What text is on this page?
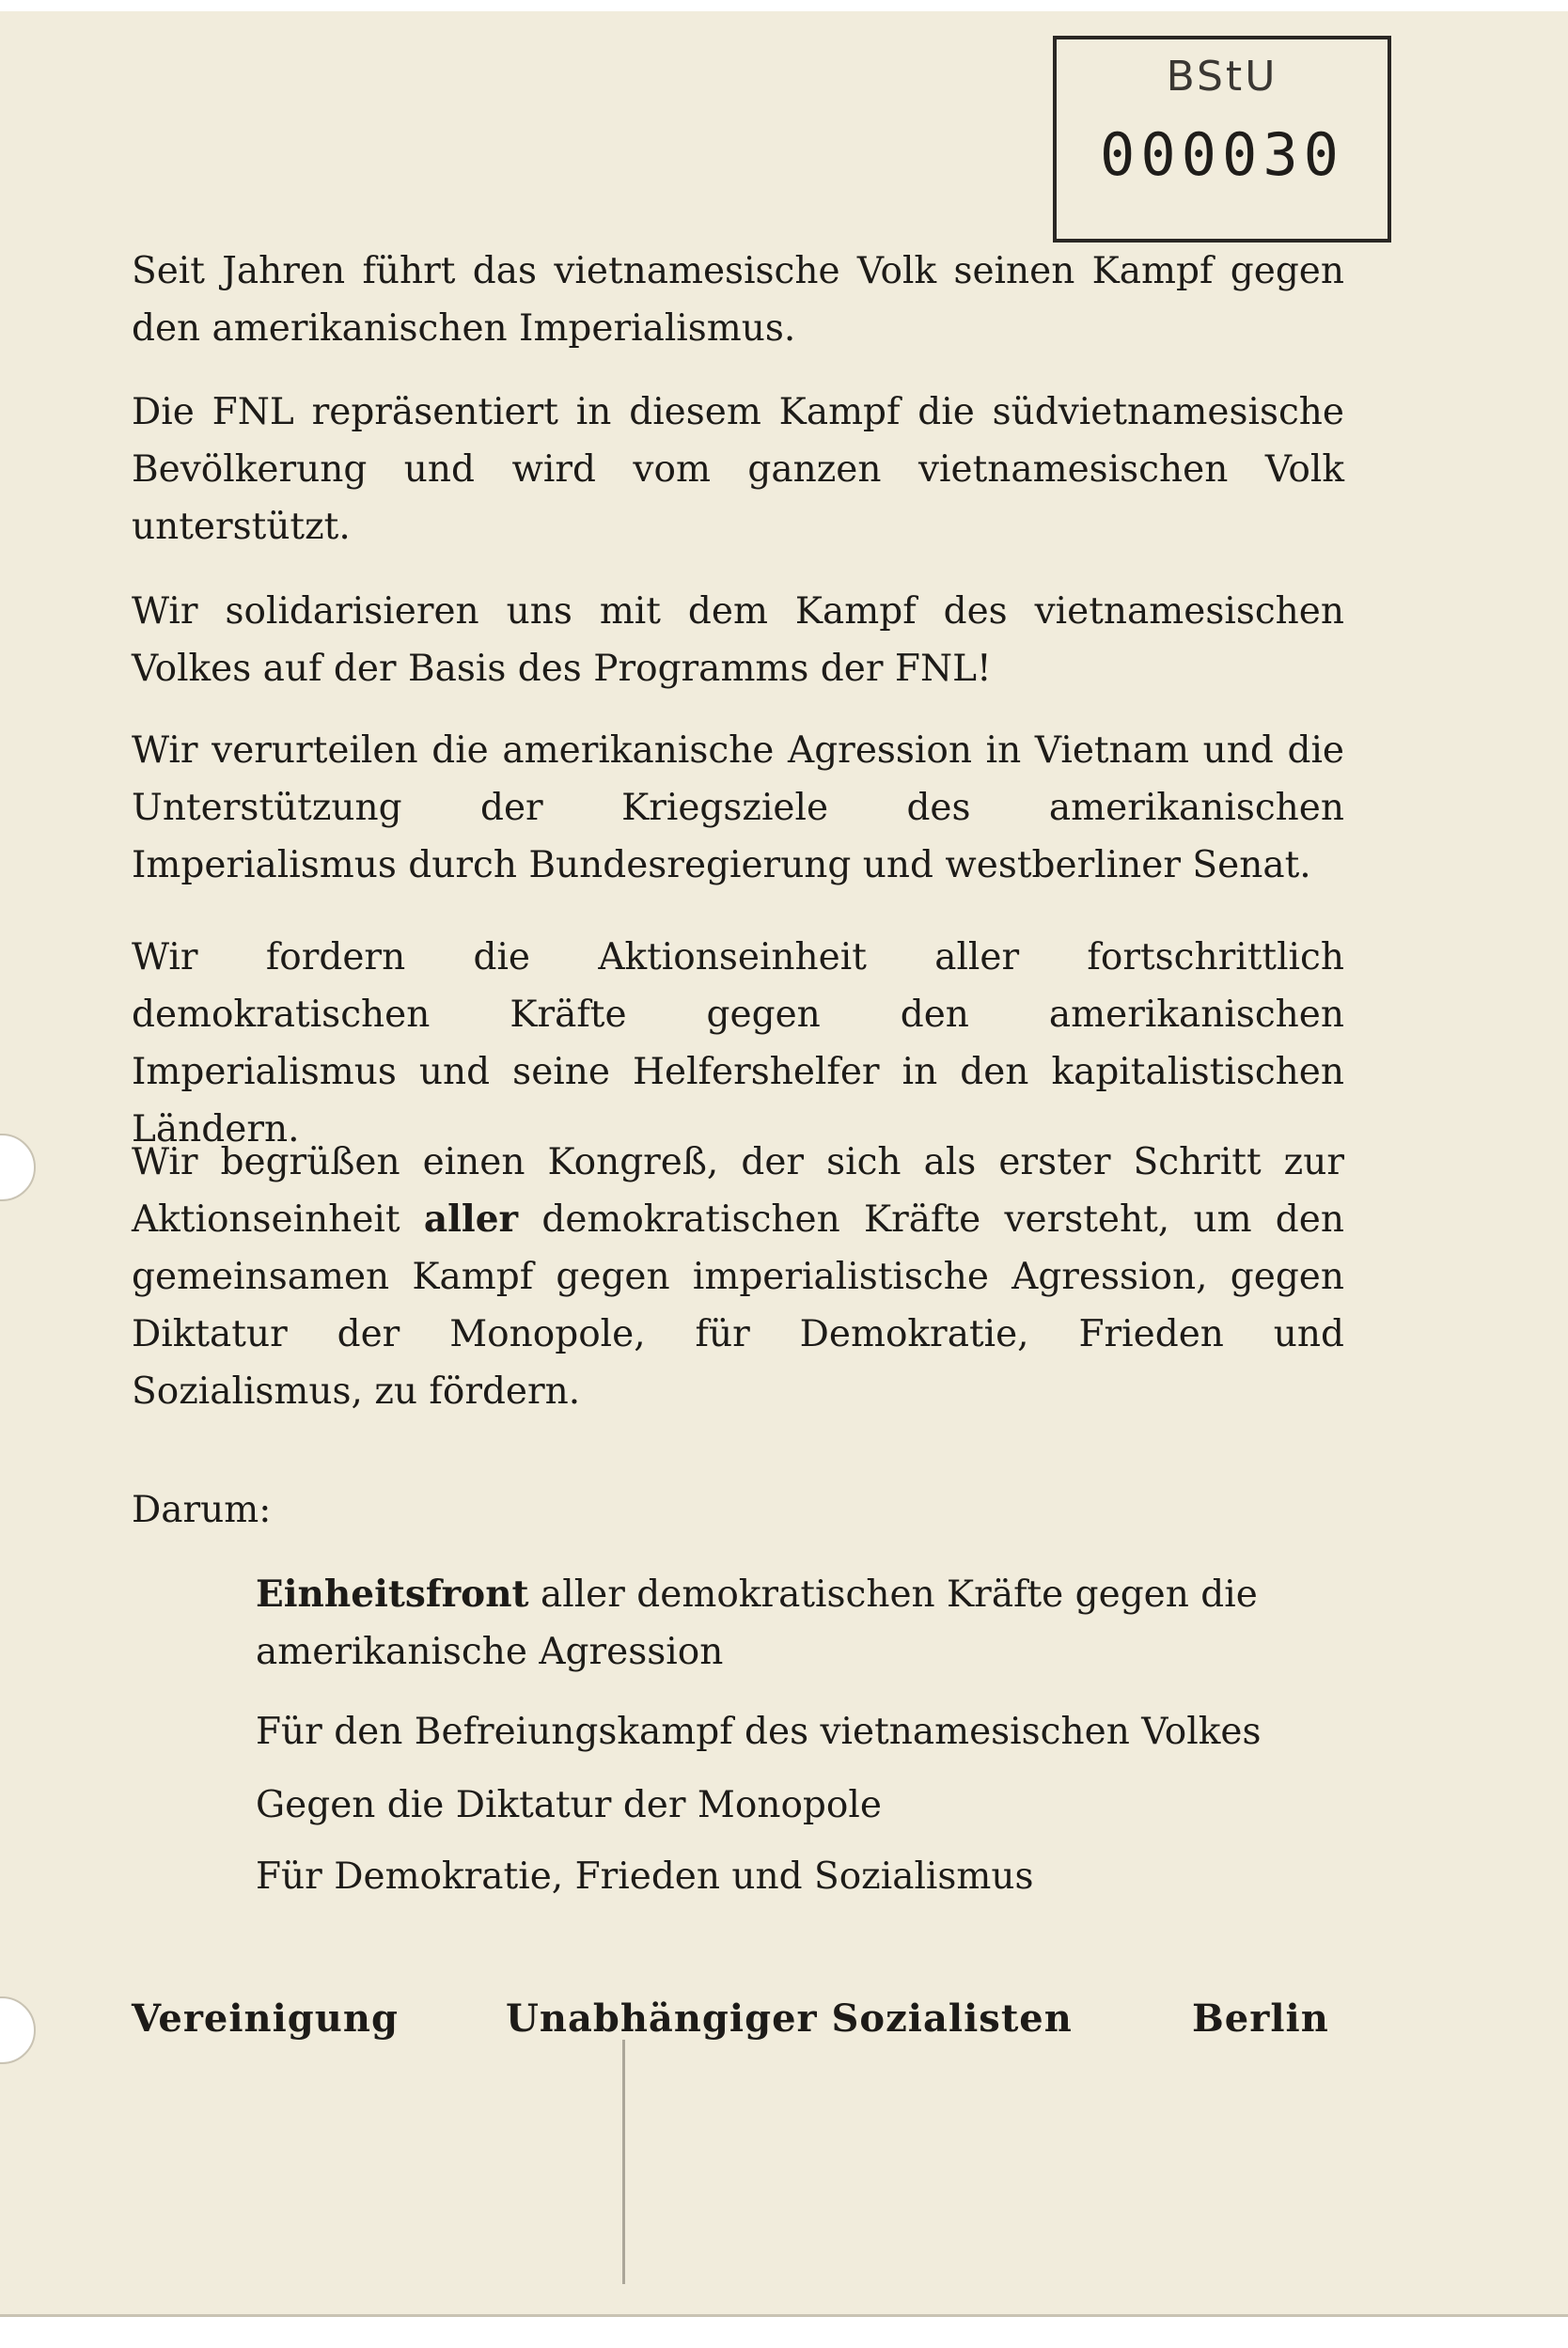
BStU
000030

Seit Jahren führt das vietnamesische Volk seinen Kampf gegen den amerikanischen Imperialismus.

Die FNL repräsentiert in diesem Kampf die südvietnamesische Bevölkerung und wird vom ganzen vietnamesischen Volk unterstützt.

Wir solidarisieren uns mit dem Kampf des vietnamesischen Volkes auf der Basis des Programms der FNL!

Wir verurteilen die amerikanische Agression in Vietnam und die Unterstützung der Kriegsziele des amerikanischen Imperialismus durch Bundesregierung und westberliner Senat.

Wir fordern die Aktionseinheit aller fortschrittlich demokratischen Kräfte gegen den amerikanischen Imperialismus und seine Helfershelfer in den kapitalistischen Ländern.

Wir begrüßen einen Kongreß, der sich als erster Schritt zur Aktionseinheit aller demokratischen Kräfte versteht, um den gemeinsamen Kampf gegen imperialistische Agression, gegen Diktatur der Monopole, für Demokratie, Frieden und Sozialismus, zu fördern.

Darum:
Einheitsfront aller demokratischen Kräfte gegen die amerikanische Agression
Für den Befreiungskampf des vietnamesischen Volkes
Gegen die Diktatur der Monopole
Für Demokratie, Frieden und Sozialismus
Vereinigung	Unabhängiger Sozialisten	Berlin
